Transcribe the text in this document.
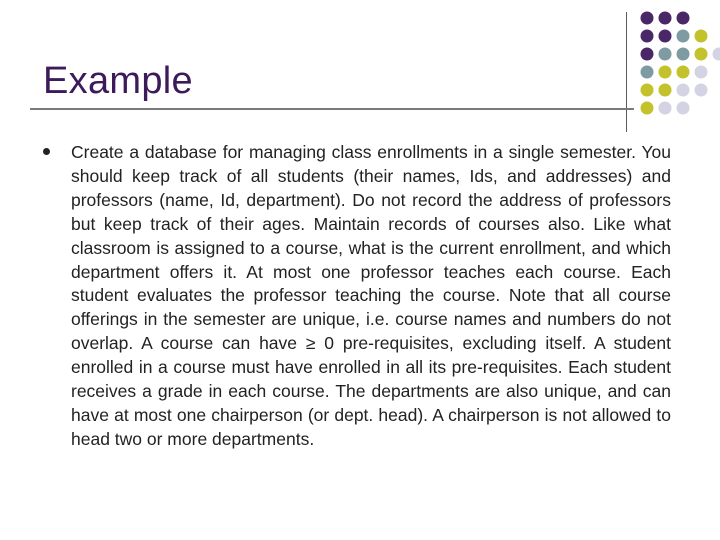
Example

Create a database for managing class enrollments in a single semester. You should keep track of all students (their names, Ids, and addresses) and professors (name, Id, department). Do not record the address of professors but keep track of their ages. Maintain records of courses also. Like what classroom is assigned to a course, what is the current enrollment, and which department offers it. At most one professor teaches each course. Each student evaluates the professor teaching the course. Note that all course offerings in the semester are unique, i.e. course names and numbers do not overlap. A course can have ≥ 0 pre-requisites, excluding itself. A student enrolled in a course must have enrolled in all its pre-requisites. Each student receives a grade in each course. The departments are also unique, and can have at most one chairperson (or dept. head). A chairperson is not allowed to head two or more departments.
